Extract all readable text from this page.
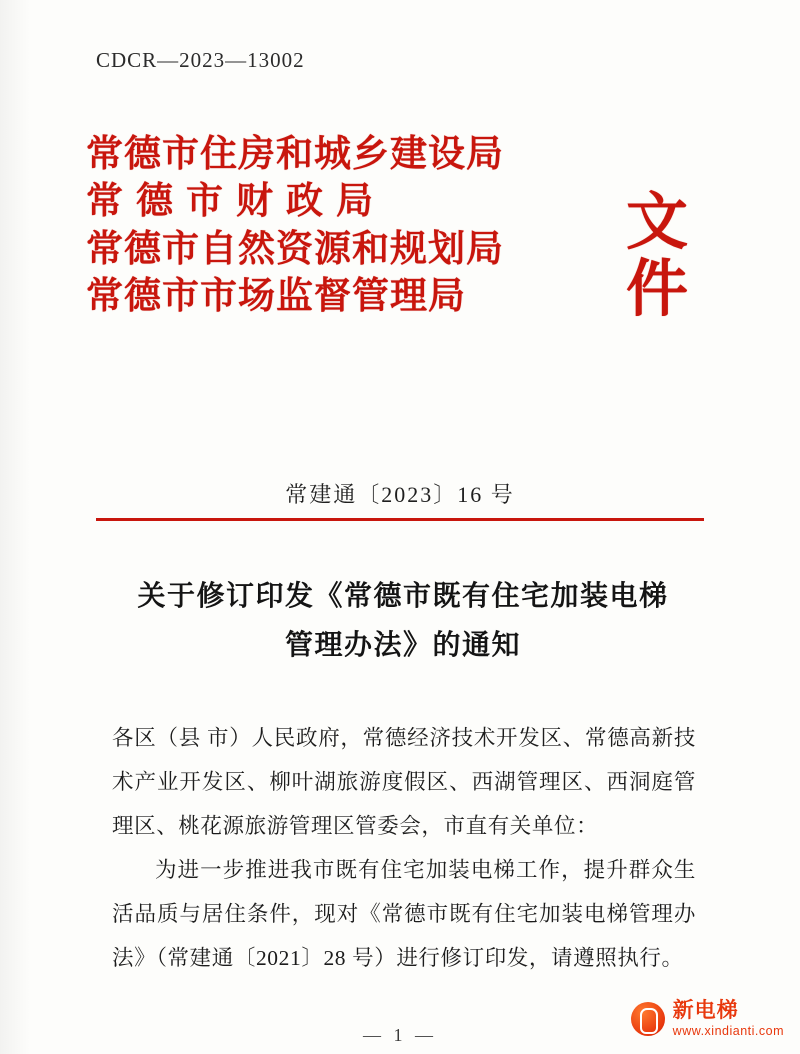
CDCR—2023—13002
常德市住房和城乡建设局
常德市财政局
常德市自然资源和规划局
常德市市场监督管理局
文件
常建通〔2023〕16 号
关于修订印发《常德市既有住宅加装电梯
管理办法》的通知

各区（县 市）人民政府，常德经济技术开发区、常德高新技术产业开发区、柳叶湖旅游度假区、西湖管理区、西洞庭管理区、桃花源旅游管理区管委会，市直有关单位：

为进一步推进我市既有住宅加装电梯工作，提升群众生活品质与居住条件，现对《常德市既有住宅加装电梯管理办法》（常建通〔2021〕28 号）进行修订印发，请遵照执行。

— 1 —
新电梯
www.xindianti.com
